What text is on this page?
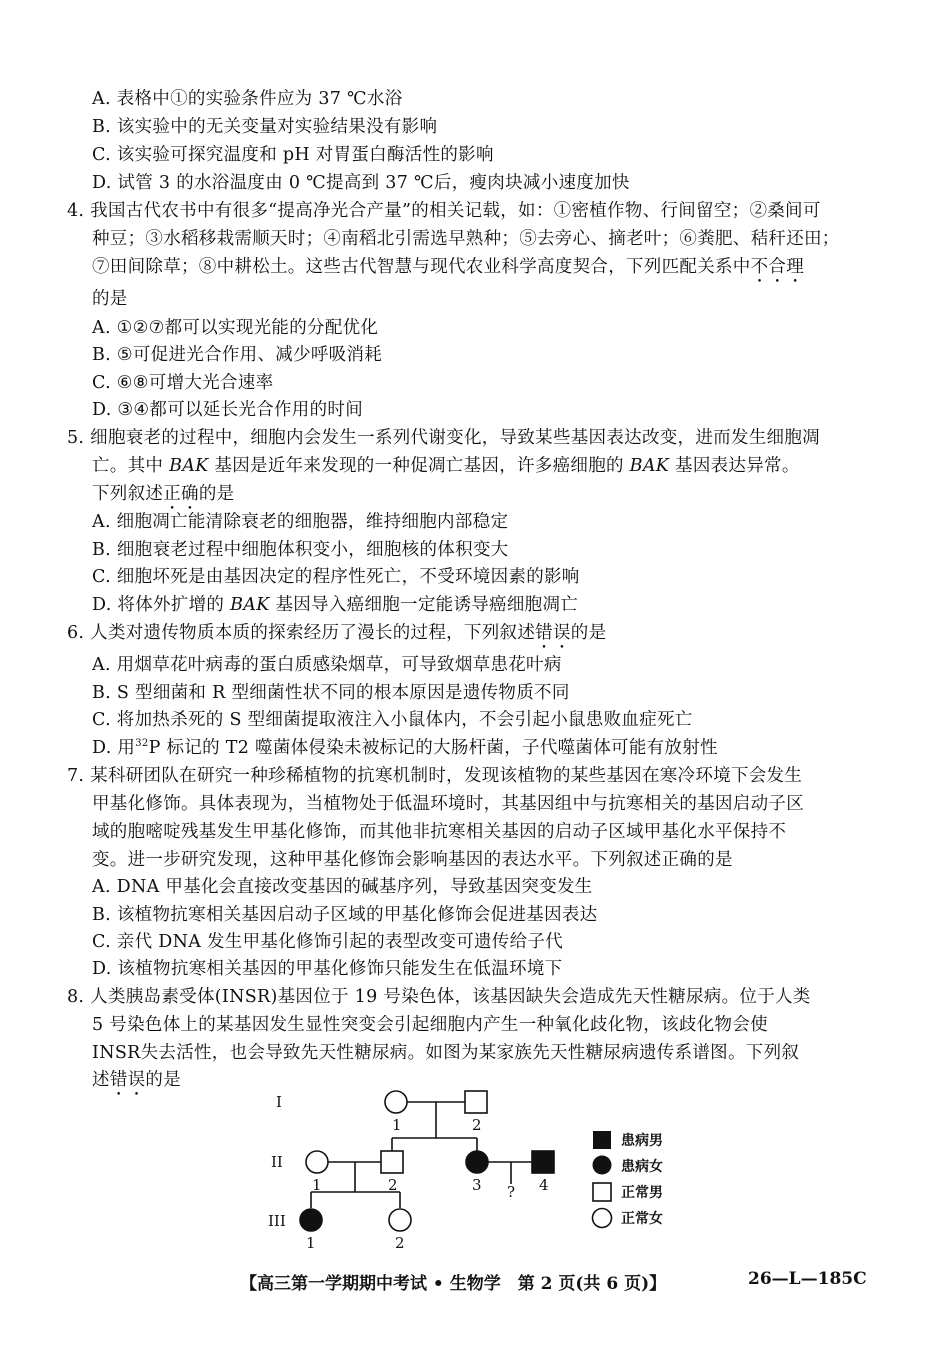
A. 表格中①的实验条件应为 37 ℃水浴
B. 该实验中的无关变量对实验结果没有影响
C. 该实验可探究温度和 pH 对胃蛋白酶活性的影响
D. 试管 3 的水浴温度由 0 ℃提高到 37 ℃后，瘦肉块减小速度加快
4. 我国古代农书中有很多“提高净光合产量”的相关记载，如：①密植作物、行间留空；②桑间可
种豆；③水稻移栽需顺天时；④南稻北引需选早熟种；⑤去旁心、摘老叶；⑥粪肥、秸秆还田；
⑦田间除草；⑧中耕松土。这些古代智慧与现代农业科学高度契合，下列匹配关系中不合理
的是
A. ①②⑦都可以实现光能的分配优化
B. ⑤可促进光合作用、减少呼吸消耗
C. ⑥⑧可增大光合速率
D. ③④都可以延长光合作用的时间
5. 细胞衰老的过程中，细胞内会发生一系列代谢变化，导致某些基因表达改变，进而发生细胞凋
亡。其中 BAK 基因是近年来发现的一种促凋亡基因，许多癌细胞的 BAK 基因表达异常。
下列叙述正确的是
A. 细胞凋亡能清除衰老的细胞器，维持细胞内部稳定
B. 细胞衰老过程中细胞体积变小，细胞核的体积变大
C. 细胞坏死是由基因决定的程序性死亡，不受环境因素的影响
D. 将体外扩增的 BAK 基因导入癌细胞一定能诱导癌细胞凋亡
6. 人类对遗传物质本质的探索经历了漫长的过程，下列叙述错误的是
A. 用烟草花叶病毒的蛋白质感染烟草，可导致烟草患花叶病
B. S 型细菌和 R 型细菌性状不同的根本原因是遗传物质不同
C. 将加热杀死的 S 型细菌提取液注入小鼠体内，不会引起小鼠患败血症死亡
D. 用$^{32}$P 标记的 T2 噬菌体侵染未被标记的大肠杆菌，子代噬菌体可能有放射性
7. 某科研团队在研究一种珍稀植物的抗寒机制时，发现该植物的某些基因在寒冷环境下会发生
甲基化修饰。具体表现为，当植物处于低温环境时，其基因组中与抗寒相关的基因启动子区
域的胞嘧啶残基发生甲基化修饰，而其他非抗寒相关基因的启动子区域甲基化水平保持不
变。进一步研究发现，这种甲基化修饰会影响基因的表达水平。下列叙述正确的是
A. DNA 甲基化会直接改变基因的碱基序列，导致基因突变发生
B. 该植物抗寒相关基因启动子区域的甲基化修饰会促进基因表达
C. 亲代 DNA 发生甲基化修饰引起的表型改变可遗传给子代
D. 该植物抗寒相关基因的甲基化修饰只能发生在低温环境下
8. 人类胰岛素受体(INSR)基因位于 19 号染色体，该基因缺失会造成先天性糖尿病。位于人类
5 号染色体上的某基因发生显性突变会引起细胞内产生一种氧化歧化物，该歧化物会使
INSR失去活性，也会导致先天性糖尿病。如图为某家族先天性糖尿病遗传系谱图。下列叙
述错误的是
I
II
III
1	2
1	2	3	4
?
1	2
患病男
患病女
正常男
正常女
【高三第一学期期中考试 • 生物学　第 2 页(共 6 页)】	26—L—185C
